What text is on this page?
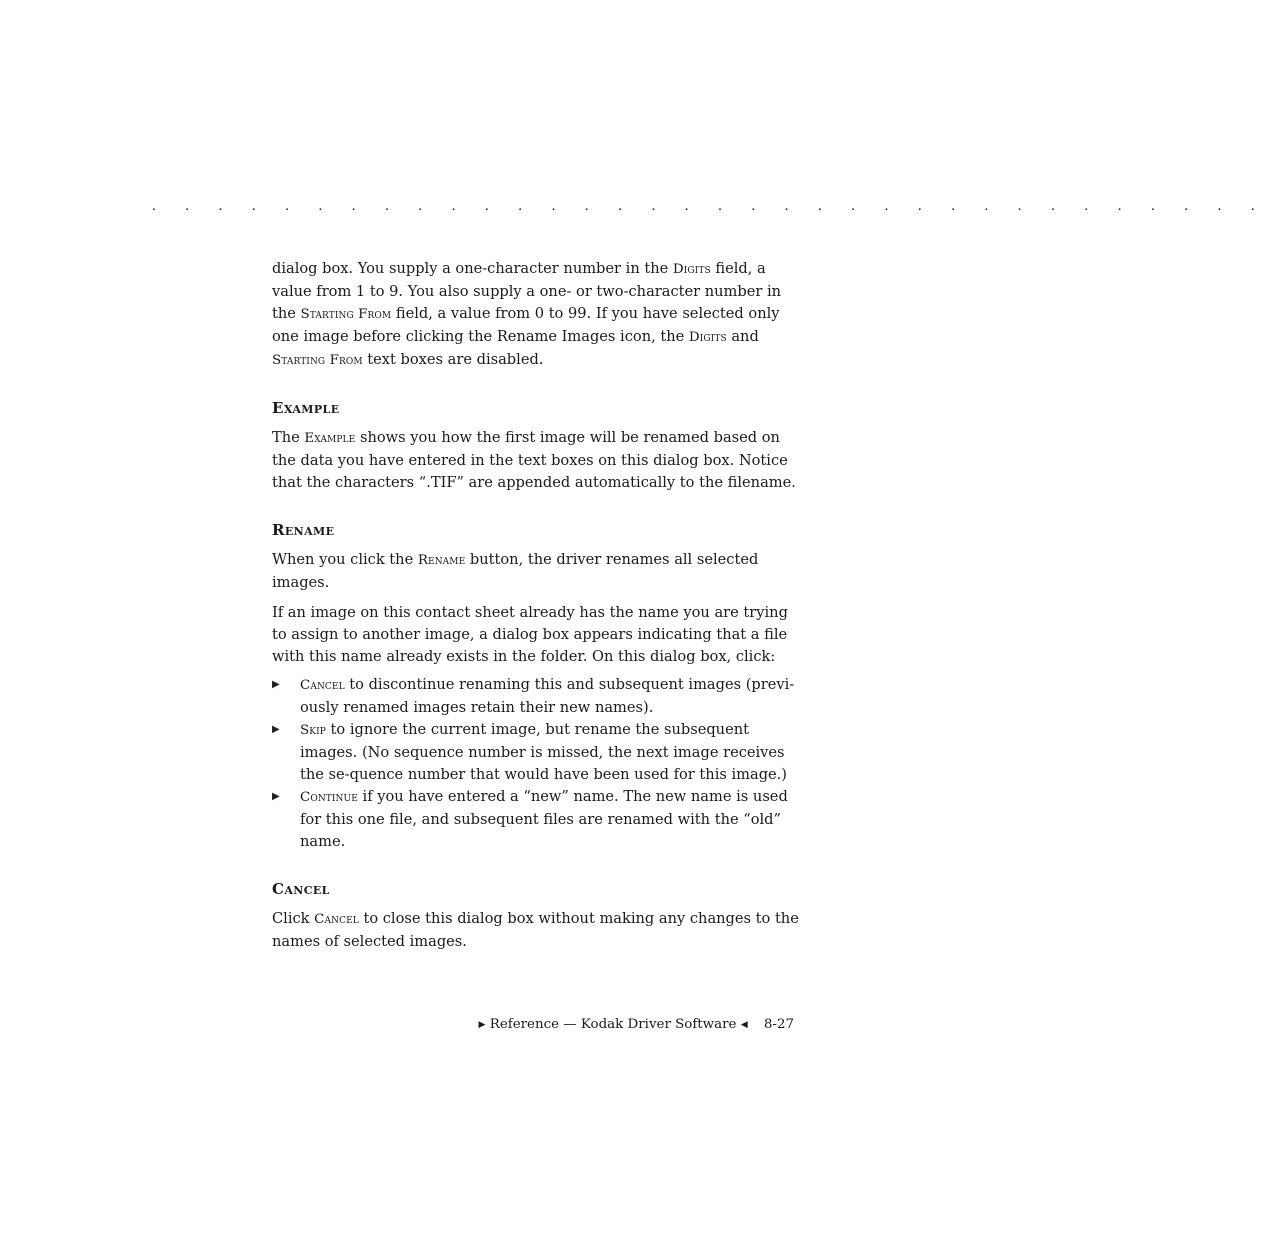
. . . . . . . . . . . . . . . . . . . . . . . . . . . . . . . . . .

dialog box. You supply a one-character number in the Digits field, a value from 1 to 9. You also supply a one- or two-character number in the Starting From field, a value from 0 to 99. If you have selected only one image before clicking the Rename Images icon, the Digits and Starting From text boxes are disabled.

Example

The Example shows you how the first image will be renamed based on the data you have entered in the text boxes on this dialog box. Notice that the characters “.TIF” are appended automatically to the filename.

Rename

When you click the Rename button, the driver renames all selected images.

If an image on this contact sheet already has the name you are trying to assign to another image, a dialog box appears indicating that a file with this name already exists in the folder. On this dialog box, click:

▶ Cancel to discontinue renaming this and subsequent images (previ-ously renamed images retain their new names).
▶ Skip to ignore the current image, but rename the subsequent images. (No sequence number is missed, the next image receives the se-quence number that would have been used for this image.)
▶ Continue if you have entered a “new” name. The new name is used for this one file, and subsequent files are renamed with the “old” name.
Cancel

Click Cancel to close this dialog box without making any changes to the names of selected images.

▶ Reference — Kodak Driver Software ◀ 8-27
